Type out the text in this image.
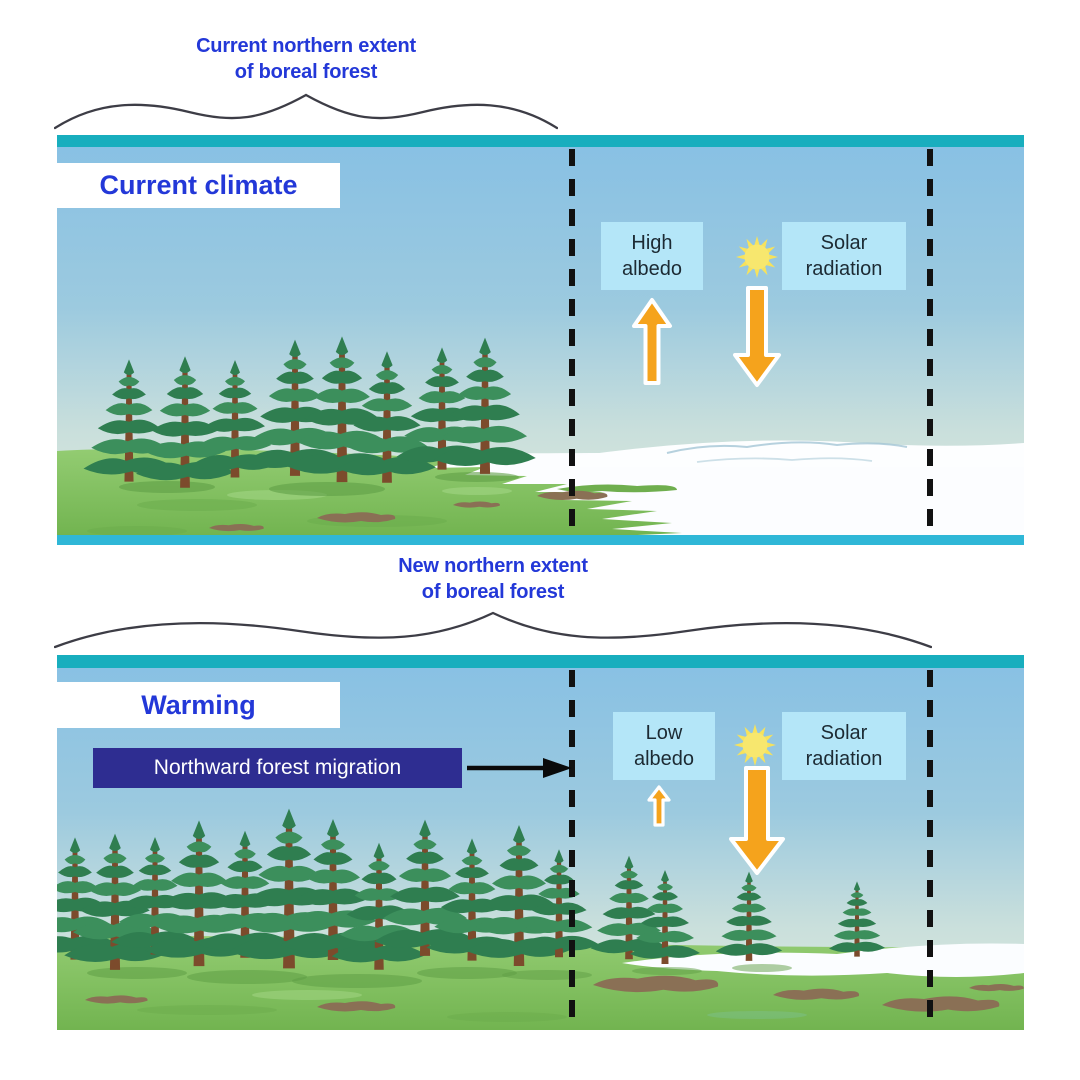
Current northern extent
of boreal forest
New northern extent
of boreal forest
Current climate
High
albedo
Solar
radiation
Warming
Northward forest migration
Low
albedo
Solar
radiation
